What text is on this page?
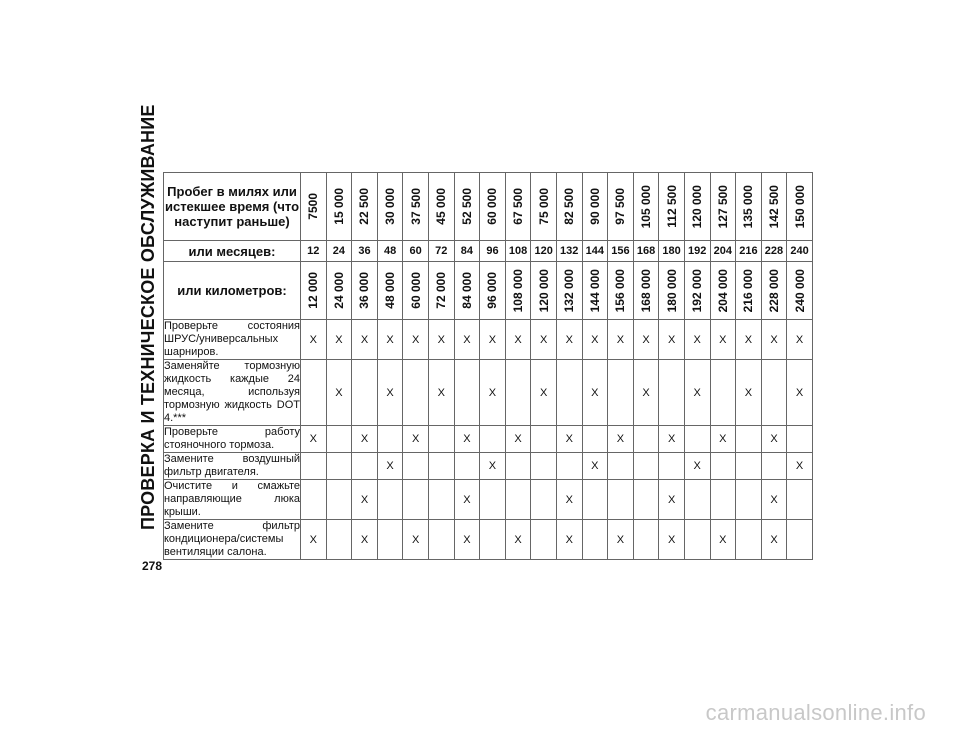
ПРОВЕРКА И ТЕХНИЧЕСКОЕ ОБСЛУЖИВАНИЕ Пробег в милях или истекшее время (что наступит раньше)	7500	15 000	22 500	30 000	37 500	45 000	52 500	60 000	67 500	75 000	82 500	90 000	97 500	105 000	112 500	120 000	127 500	135 000	142 500	150 000

или месяцев:	12	24	36	48	60	72	84	96	108	120	132	144	156	168	180	192	204	216	228	240
или километров:	12 000	24 000	36 000	48 000	60 000	72 000	84 000	96 000	108 000	120 000	132 000	144 000	156 000	168 000	180 000	192 000	204 000	216 000	228 000	240 000

Проверьте состояния ШРУС/универсальных шарниров.	X	X	X	X	X	X	X	X	X	X	X	X	X	X	X	X	X	X	X	X
Заменяйте тормозную жидкость каждые 24 месяца, используя тормозную жидкость DOT 4.***		X		X		X		X		X		X		X		X		X		X
Проверьте работу стояночного тормоза.	X		X		X		X		X		X		X		X		X		X	
Замените воздушный фильтр двигателя.				X				X				X				X				X
Очистите и смажьте направляющие люка крыши.			X				X				X				X				X	
Замените фильтр кондиционера/системы вентиляции салона.	X		X		X		X		X		X		X		X		X		X	
278
carmanualsonline.info
